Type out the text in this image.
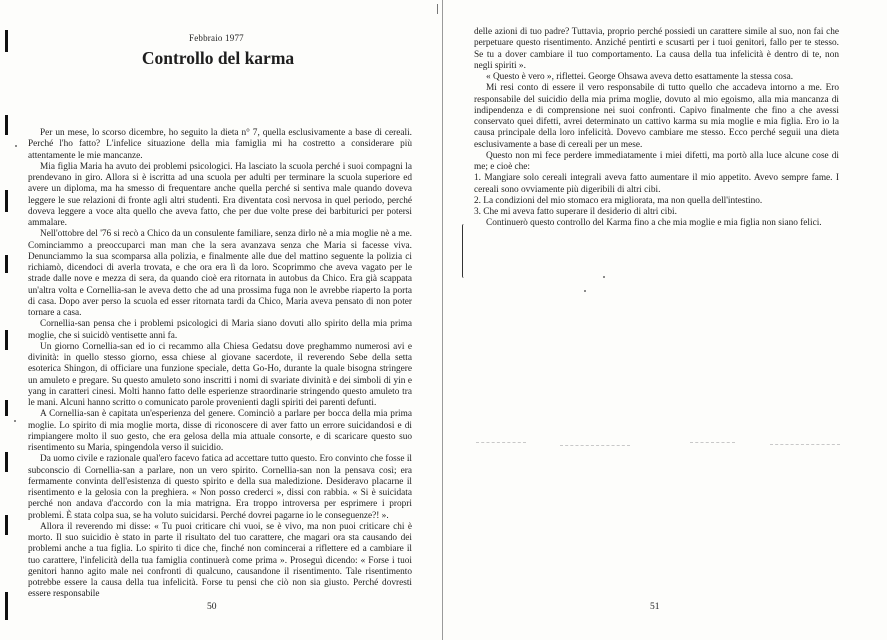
Febbraio 1977
Controllo del karma

Per un mese, lo scorso dicembre, ho seguito la dieta n° 7, quella esclusivamente a base di cereali. Perché l'ho fatto? L'infelice situazione della mia famiglia mi ha costretto a considerare più attentamente le mie mancanze.

Mia figlia Maria ha avuto dei problemi psicologici. Ha lasciato la scuola perché i suoi compagni la prendevano in giro. Allora si è iscritta ad una scuola per adulti per terminare la scuola superiore ed avere un diploma, ma ha smesso di frequentare anche quella perché si sentiva male quando doveva leggere le sue relazioni di fronte agli altri studenti. Era diventata così nervosa in quel periodo, perché doveva leggere a voce alta quello che aveva fatto, che per due volte prese dei barbiturici per potersi ammalare.

Nell'ottobre del '76 si recò a Chico da un consulente familiare, senza dirlo nè a mia moglie nè a me. Cominciammo a preoccuparci man man che la sera avanzava senza che Maria si facesse viva. Denunciammo la sua scomparsa alla polizia, e finalmente alle due del mattino seguente la polizia ci richiamò, dicendoci di averla trovata, e che ora era lì da loro. Scoprimmo che aveva vagato per le strade dalle nove e mezza di sera, da quando cioè era ritornata in autobus da Chico. Era già scappata un'altra volta e Cornellia-san le aveva detto che ad una prossima fuga non le avrebbe riaperto la porta di casa. Dopo aver perso la scuola ed esser ritornata tardi da Chico, Maria aveva pensato di non poter tornare a casa.

Cornellia-san pensa che i problemi psicologici di Maria siano dovuti allo spirito della mia prima moglie, che si suicidò ventisette anni fa.

Un giorno Cornellia-san ed io ci recammo alla Chiesa Gedatsu dove preghammo numerosi avi e divinità: in quello stesso giorno, essa chiese al giovane sacerdote, il reverendo Sebe della setta esoterica Shingon, di officiare una funzione speciale, detta Go-Ho, durante la quale bisogna stringere un amuleto e pregare. Su questo amuleto sono inscritti i nomi di svariate divinità e dei simboli di yin e yang in caratteri cinesi. Molti hanno fatto delle esperienze straordinarie stringendo questo amuleto tra le mani. Alcuni hanno scritto o comunicato parole provenienti dagli spiriti dei parenti defunti.

A Cornellia-san è capitata un'esperienza del genere. Cominciò a parlare per bocca della mia prima moglie. Lo spirito di mia moglie morta, disse di riconoscere di aver fatto un errore suicidandosi e di rimpiangere molto il suo gesto, che era gelosa della mia attuale consorte, e di scaricare questo suo risentimento su Maria, spingendola verso il suicidio.

Da uomo civile e razionale qual'ero facevo fatica ad accettare tutto questo. Ero convinto che fosse il subconscio di Cornellia-san a parlare, non un vero spirito. Cornellia-san non la pensava così; era fermamente convinta dell'esistenza di questo spirito e della sua maledizione. Desideravo placarne il risentimento e la gelosia con la preghiera. « Non posso crederci », dissi con rabbia. « Si è suicidata perché non andava d'accordo con la mia matrigna. Era troppo introversa per esprimere i propri problemi. È stata colpa sua, se ha voluto suicidarsi. Perché dovrei pagarne io le conseguenze?! ».

Allora il reverendo mi disse: « Tu puoi criticare chi vuoi, se è vivo, ma non puoi criticare chi è morto. Il suo suicidio è stato in parte il risultato del tuo carattere, che magari ora sta causando dei problemi anche a tua figlia. Lo spirito ti dice che, finché non comincerai a riflettere ed a cambiare il tuo carattere, l'infelicità della tua famiglia continuerà come prima ». Proseguì dicendo: « Forse i tuoi genitori hanno agito male nei confronti di qualcuno, causandone il risentimento. Tale risentimento potrebbe essere la causa della tua infelicità. Forse tu pensi che ciò non sia giusto. Perché dovresti essere responsabile

50

delle azioni di tuo padre? Tuttavia, proprio perché possiedi un carattere simile al suo, non fai che perpetuare questo risentimento. Anziché pentirti e scusarti per i tuoi genitori, fallo per te stesso. Se tu a dover cambiare il tuo comportamento. La causa della tua infelicità è dentro di te, non negli spiriti ».

« Questo è vero », riflettei. George Ohsawa aveva detto esattamente la stessa cosa.

Mi resi conto di essere il vero responsabile di tutto quello che accadeva intorno a me. Ero responsabile del suicidio della mia prima moglie, dovuto al mio egoismo, alla mia mancanza di indipendenza e di comprensione nei suoi confronti. Capivo finalmente che fino a che avessi conservato quei difetti, avrei determinato un cattivo karma su mia moglie e mia figlia. Ero io la causa principale della loro infelicità. Dovevo cambiare me stesso. Ecco perché seguii una dieta esclusivamente a base di cereali per un mese.

Questo non mi fece perdere immediatamente i miei difetti, ma portò alla luce alcune cose di me; e cioè che:

1. Mangiare solo cereali integrali aveva fatto aumentare il mio appetito. Avevo sempre fame. I cereali sono ovviamente più digeribili di altri cibi.
2. La condizioni del mio stomaco era migliorata, ma non quella dell'intestino.
3. Che mi aveva fatto superare il desiderio di altri cibi.

Continuerò questo controllo del Karma fino a che mia moglie e mia figlia non siano felici.

51
